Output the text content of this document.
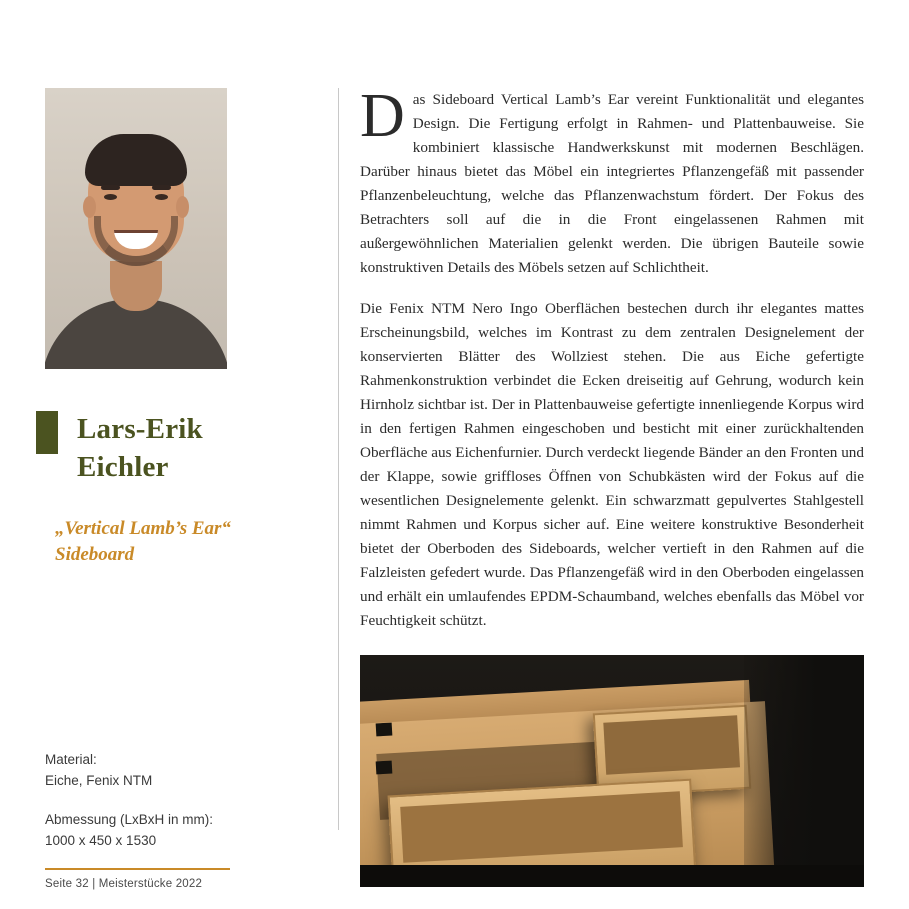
Lars-Erik
Eichler
„Vertical Lamb’s Ear“
Sideboard
Material:
Eiche, Fenix NTM
Abmessung (LxBxH in mm):
1000 x 450 x 1530
Seite 32 | Meisterstücke 2022
D as Sideboard Vertical Lamb’s Ear vereint Funktionalität und elegantes Design. Die Fertigung erfolgt in Rahmen- und Plattenbauweise. Sie kombiniert klassische Handwerkskunst mit modernen Beschlägen. Darüber hinaus bietet das Möbel ein integriertes Pflanzengefäß mit passender Pflanzenbeleuchtung, welche das Pflanzenwachstum fördert. Der Fokus des Betrachters soll auf die in die Front eingelassenen Rahmen mit außergewöhnlichen Materialien gelenkt werden. Die übrigen Bauteile sowie konstruktiven Details des Möbels setzen auf Schlichtheit.
Die Fenix NTM Nero Ingo Oberflächen bestechen durch ihr elegantes mattes Erscheinungsbild, welches im Kontrast zu dem zentralen Designelement der konservierten Blätter des Wollziest stehen. Die aus Eiche gefertigte Rahmenkonstruktion verbindet die Ecken dreiseitig auf Gehrung, wodurch kein Hirnholz sichtbar ist. Der in Plattenbauweise gefertigte innenliegende Korpus wird in den fertigen Rahmen eingeschoben und besticht mit einer zurückhaltenden Oberfläche aus Eichenfurnier. Durch verdeckt liegende Bänder an den Fronten und der Klappe, sowie griffloses Öffnen von Schubkästen wird der Fokus auf die wesentlichen Designelemente gelenkt. Ein schwarzmatt gepulvertes Stahlgestell nimmt Rahmen und Korpus sicher auf. Eine weitere konstruktive Besonderheit bietet der Oberboden des Sideboards, welcher vertieft in den Rahmen auf die Falzleisten gefedert wurde. Das Pflanzengefäß wird in den Oberboden eingelassen und erhält ein umlaufendes EPDM-Schaumband, welches ebenfalls das Möbel vor Feuchtigkeit schützt.
